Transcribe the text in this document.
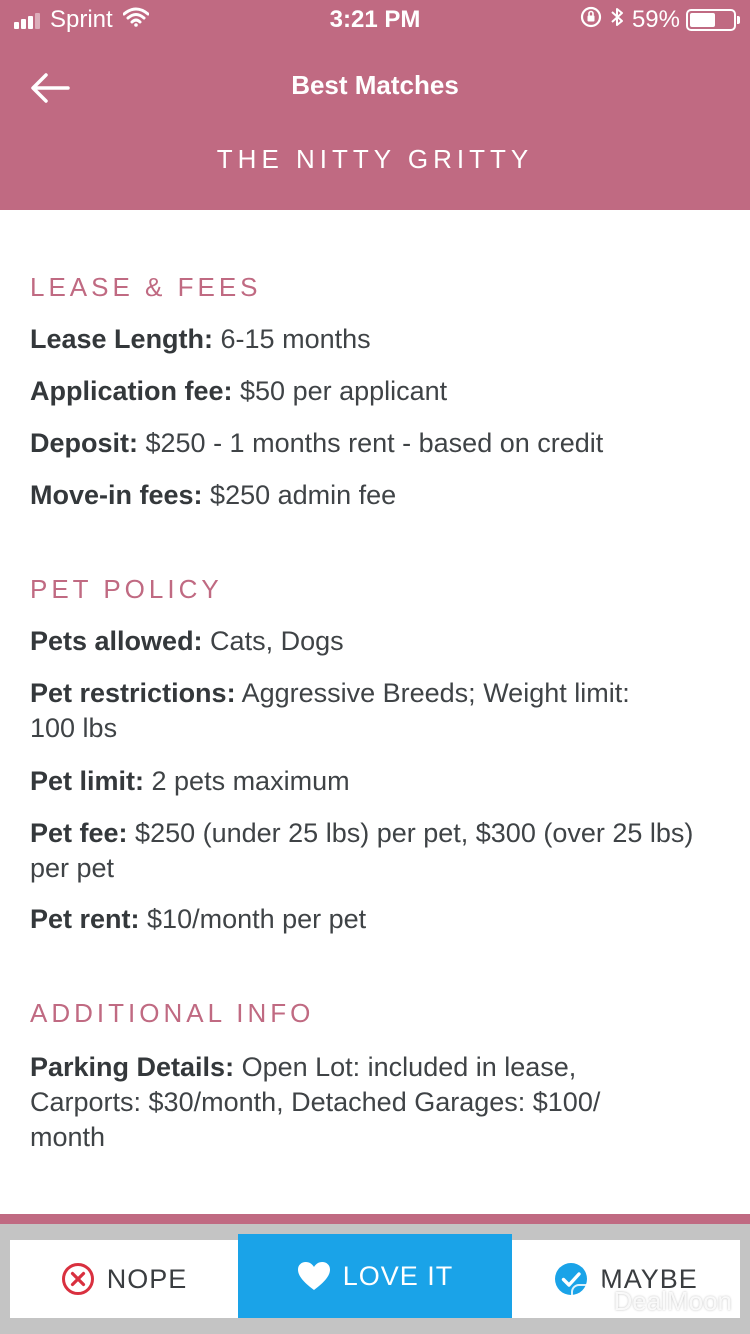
Sprint	3:21 PM	59%
Best Matches
THE NITTY GRITTY
LEASE & FEES
Lease Length: 6-15 months
Application fee: $50 per applicant
Deposit: $250 - 1 months rent - based on credit
Move-in fees: $250 admin fee
PET POLICY
Pets allowed: Cats, Dogs
Pet restrictions: Aggressive Breeds; Weight limit: 100 lbs
Pet limit: 2 pets maximum
Pet fee: $250 (under 25 lbs) per pet, $300 (over 25 lbs) per pet
Pet rent: $10/month per pet
ADDITIONAL INFO
Parking Details: Open Lot: included in lease, Carports: $30/month, Detached Garages: $100/ month
NOPE	LOVE IT	MAYBE
DealMoon
